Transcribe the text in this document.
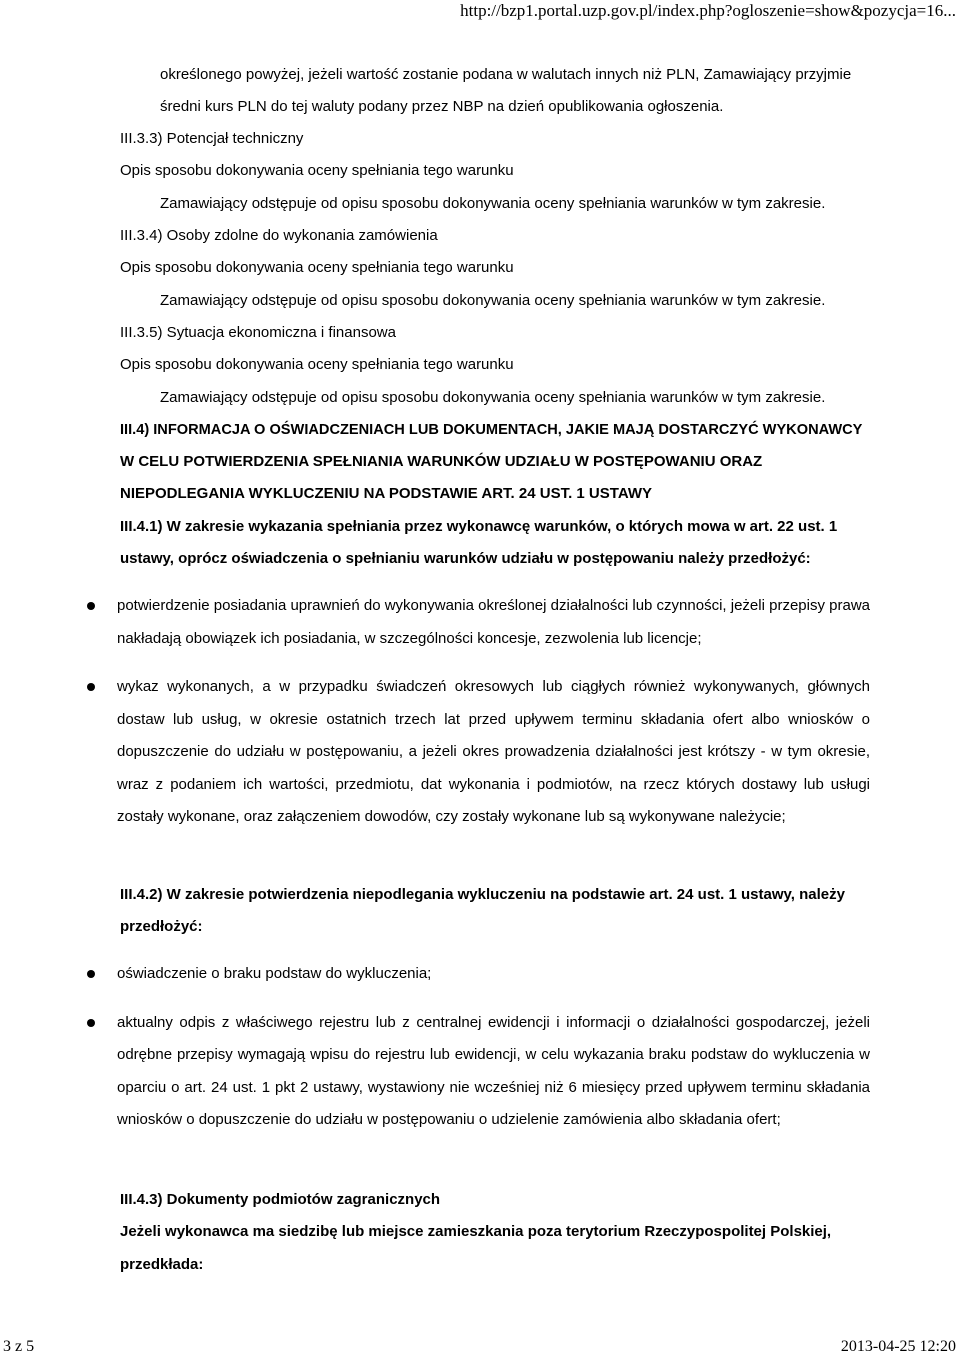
http://bzp1.portal.uzp.gov.pl/index.php?ogloszenie=show&pozycja=16...

określonego powyżej, jeżeli wartość zostanie podana w walutach innych niż PLN, Zamawiający przyjmie

średni kurs PLN do tej waluty podany przez NBP na dzień opublikowania ogłoszenia.

III.3.3) Potencjał techniczny

Opis sposobu dokonywania oceny spełniania tego warunku

Zamawiający odstępuje od opisu sposobu dokonywania oceny spełniania warunków w tym zakresie.

III.3.4) Osoby zdolne do wykonania zamówienia

Opis sposobu dokonywania oceny spełniania tego warunku

Zamawiający odstępuje od opisu sposobu dokonywania oceny spełniania warunków w tym zakresie.

III.3.5) Sytuacja ekonomiczna i finansowa

Opis sposobu dokonywania oceny spełniania tego warunku

Zamawiający odstępuje od opisu sposobu dokonywania oceny spełniania warunków w tym zakresie.

III.4) INFORMACJA O OŚWIADCZENIACH LUB DOKUMENTACH, JAKIE MAJĄ DOSTARCZYĆ WYKONAWCY

W CELU POTWIERDZENIA SPEŁNIANIA WARUNKÓW UDZIAŁU W POSTĘPOWANIU ORAZ

NIEPODLEGANIA WYKLUCZENIU NA PODSTAWIE ART. 24 UST. 1 USTAWY

III.4.1) W zakresie wykazania spełniania przez wykonawcę warunków, o których mowa w art. 22 ust. 1

ustawy, oprócz oświadczenia o spełnianiu warunków udziału w postępowaniu należy przedłożyć:

potwierdzenie posiadania uprawnień do wykonywania określonej działalności lub czynności, jeżeli przepisy prawa nakładają obowiązek ich posiadania, w szczególności koncesje, zezwolenia lub licencje;
wykaz wykonanych, a w przypadku świadczeń okresowych lub ciągłych również wykonywanych, głównych dostaw lub usług, w okresie ostatnich trzech lat przed upływem terminu składania ofert albo wniosków o dopuszczenie do udziału w postępowaniu, a jeżeli okres prowadzenia działalności jest krótszy - w tym okresie, wraz z podaniem ich wartości, przedmiotu, dat wykonania i podmiotów, na rzecz których dostawy lub usługi zostały wykonane, oraz załączeniem dowodów, czy zostały wykonane lub są wykonywane należycie;

III.4.2) W zakresie potwierdzenia niepodlegania wykluczeniu na podstawie art. 24 ust. 1 ustawy, należy

przedłożyć:

oświadczenie o braku podstaw do wykluczenia;
aktualny odpis z właściwego rejestru lub z centralnej ewidencji i informacji o działalności gospodarczej, jeżeli odrębne przepisy wymagają wpisu do rejestru lub ewidencji, w celu wykazania braku podstaw do wykluczenia w oparciu o art. 24 ust. 1 pkt 2 ustawy, wystawiony nie wcześniej niż 6 miesięcy przed upływem terminu składania wniosków o dopuszczenie do udziału w postępowaniu o udzielenie zamówienia albo składania ofert;

III.4.3) Dokumenty podmiotów zagranicznych

Jeżeli wykonawca ma siedzibę lub miejsce zamieszkania poza terytorium Rzeczypospolitej Polskiej,

przedkłada:

3 z 5	2013-04-25 12:20
